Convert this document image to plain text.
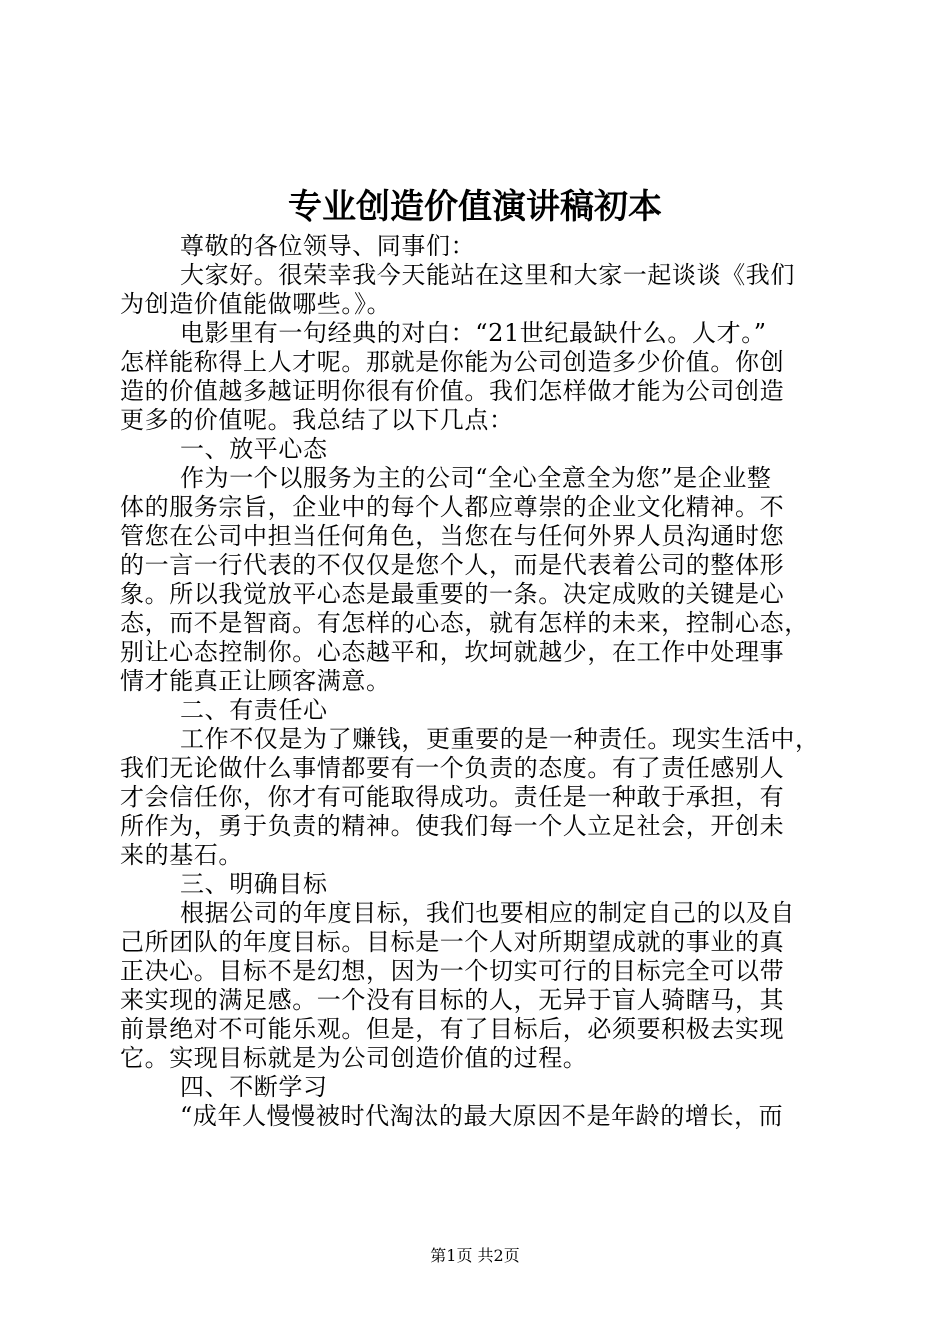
专业创造价值演讲稿初本
尊敬的各位领导、同事们：
大家好。很荣幸我今天能站在这里和大家一起谈谈《我们
为创造价值能做哪些。》。
电影里有一句经典的对白：“21世纪最缺什么。人才。”
怎样能称得上人才呢。那就是你能为公司创造多少价值。你创
造的价值越多越证明你很有价值。我们怎样做才能为公司创造
更多的价值呢。我总结了以下几点：
一、放平心态
作为一个以服务为主的公司“全心全意全为您”是企业整
体的服务宗旨，企业中的每个人都应尊崇的企业文化精神。不
管您在公司中担当任何角色，当您在与任何外界人员沟通时您
的一言一行代表的不仅仅是您个人，而是代表着公司的整体形
象。所以我觉放平心态是最重要的一条。决定成败的关键是心
态，而不是智商。有怎样的心态，就有怎样的未来，控制心态，
别让心态控制你。心态越平和，坎坷就越少，在工作中处理事
情才能真正让顾客满意。
二、有责任心
工作不仅是为了赚钱，更重要的是一种责任。现实生活中，
我们无论做什么事情都要有一个负责的态度。有了责任感别人
才会信任你，你才有可能取得成功。责任是一种敢于承担，有
所作为，勇于负责的精神。使我们每一个人立足社会，开创未
来的基石。
三、明确目标
根据公司的年度目标，我们也要相应的制定自己的以及自
己所团队的年度目标。目标是一个人对所期望成就的事业的真
正决心。目标不是幻想，因为一个切实可行的目标完全可以带
来实现的满足感。一个没有目标的人，无异于盲人骑瞎马，其
前景绝对不可能乐观。但是，有了目标后，必须要积极去实现
它。实现目标就是为公司创造价值的过程。
四、不断学习
“成年人慢慢被时代淘汰的最大原因不是年龄的增长，而
第1页 共2页
